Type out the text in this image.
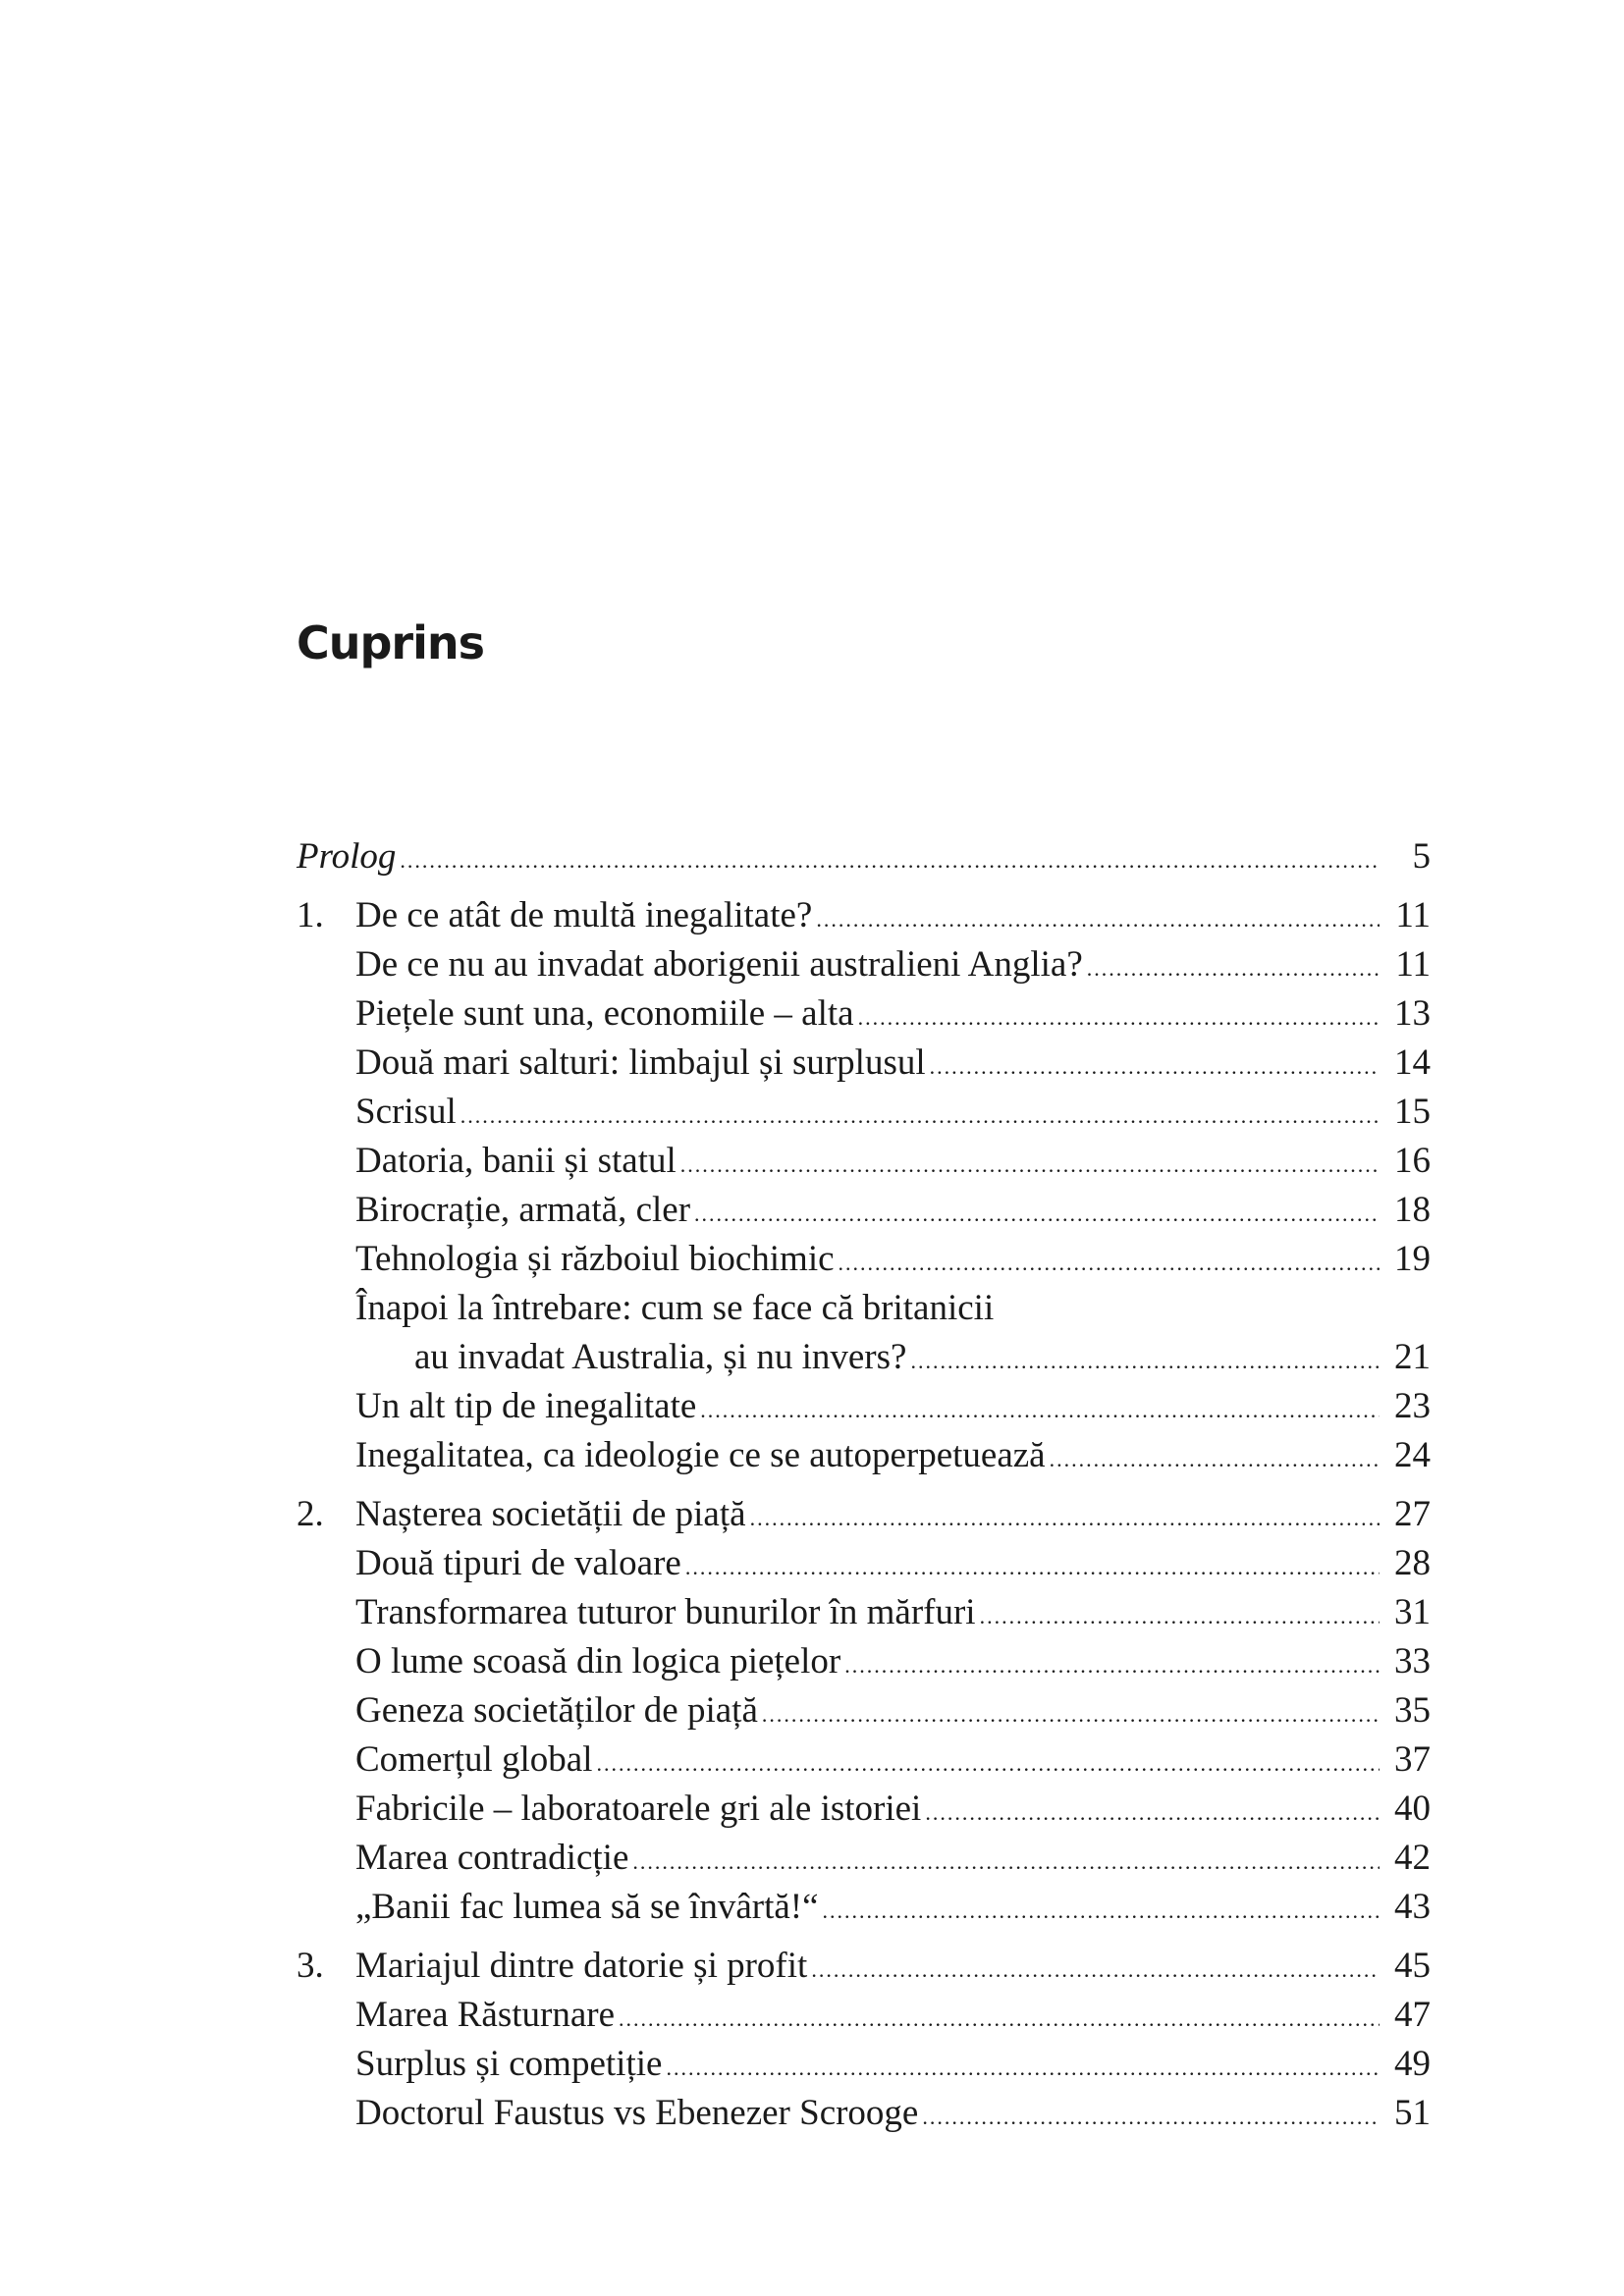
Cuprins
Prolog .....	5
1. De ce atât de multă inegalitate? .....	11
De ce nu au invadat aborigenii australieni Anglia? .....	11
Piețele sunt una, economiile – alta .....	13
Două mari salturi: limbajul și surplusul .....	14
Scrisul .....	15
Datoria, banii și statul .....	16
Birocrație, armată, cler .....	18
Tehnologia și războiul biochimic .....	19
Înapoi la întrebare: cum se face că britanicii
au invadat Australia, și nu invers? .....	21
Un alt tip de inegalitate .....	23
Inegalitatea, ca ideologie ce se autoperpetuează .....	24
2. Nașterea societății de piață .....	27
Două tipuri de valoare .....	28
Transformarea tuturor bunurilor în mărfuri .....	31
O lume scoasă din logica piețelor .....	33
Geneza societăților de piață .....	35
Comerțul global .....	37
Fabricile – laboratoarele gri ale istoriei .....	40
Marea contradicție .....	42
„Banii fac lumea să se învârtă!“ .....	43
3. Mariajul dintre datorie și profit .....	45
Marea Răsturnare .....	47
Surplus și competiție .....	49
Doctorul Faustus vs Ebenezer Scrooge .....	51
